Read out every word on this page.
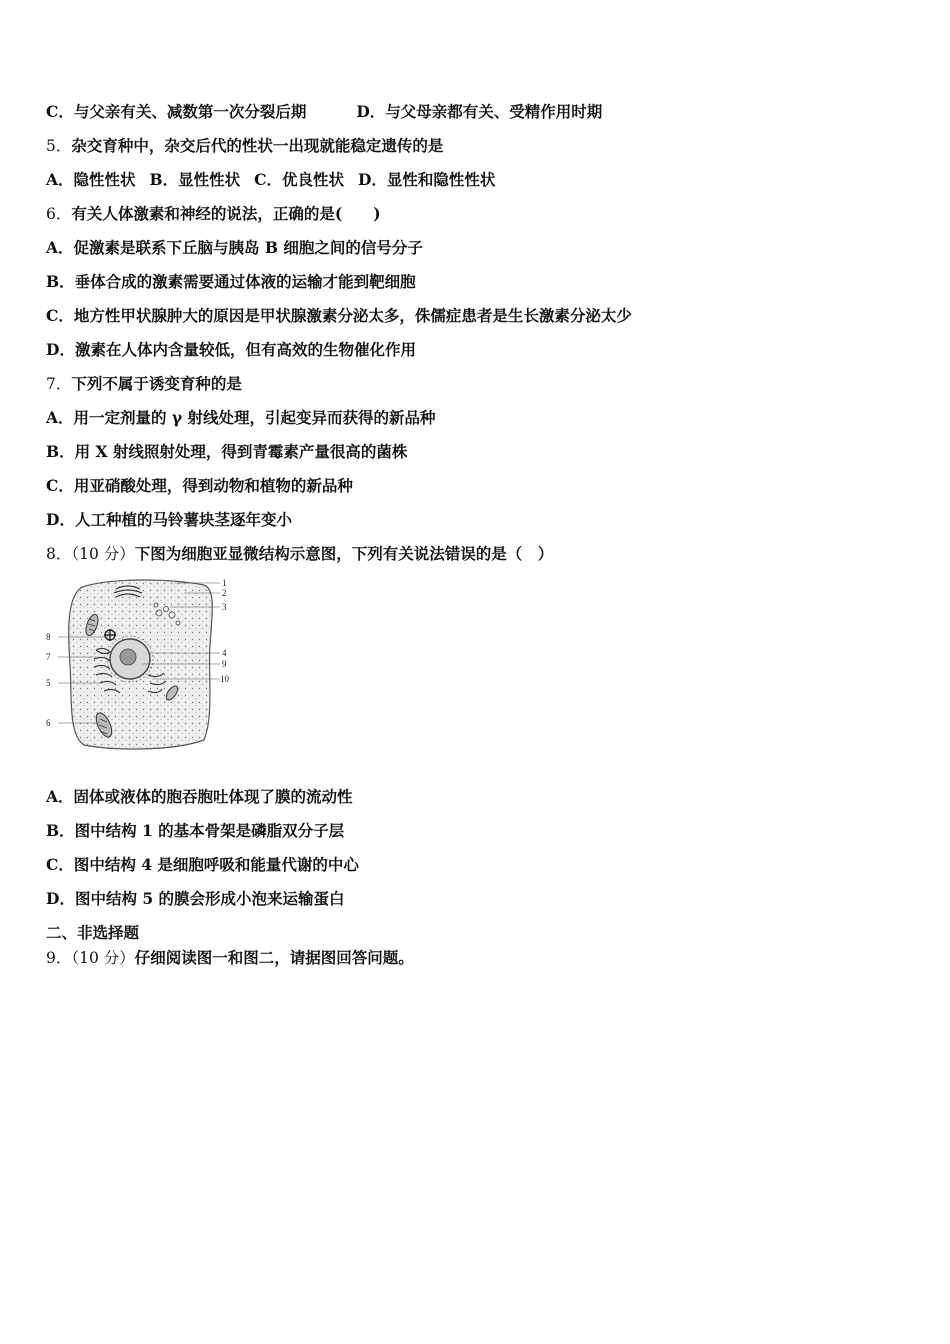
C．与父亲有关、减数第一次分裂后期	D．与父母亲都有关、受精作用时期
5．杂交育种中，杂交后代的性状一出现就能稳定遗传的是
A．隐性性状 B．显性性状 C．优良性状 D．显性和隐性性状
6．有关人体激素和神经的说法，正确的是(　　)
A．促激素是联系下丘脑与胰岛 B 细胞之间的信号分子
B．垂体合成的激素需要通过体液的运输才能到靶细胞
C．地方性甲状腺肿大的原因是甲状腺激素分泌太多，侏儒症患者是生长激素分泌太少
D．激素在人体内含量较低，但有高效的生物催化作用
7．下列不属于诱变育种的是
A．用一定剂量的 γ 射线处理，引起变异而获得的新品种
B．用 X 射线照射处理，得到青霉素产量很高的菌株
C．用亚硝酸处理，得到动物和植物的新品种
D．人工种植的马铃薯块茎逐年变小
8．（10 分）下图为细胞亚显微结构示意图，下列有关说法错误的是（　）
1
2
3
4
9
10
8
7
5
6
A．固体或液体的胞吞胞吐体现了膜的流动性
B．图中结构 1 的基本骨架是磷脂双分子层
C．图中结构 4 是细胞呼吸和能量代谢的中心
D．图中结构 5 的膜会形成小泡来运输蛋白
二、非选择题
9．（10 分）仔细阅读图一和图二，请据图回答问题。
